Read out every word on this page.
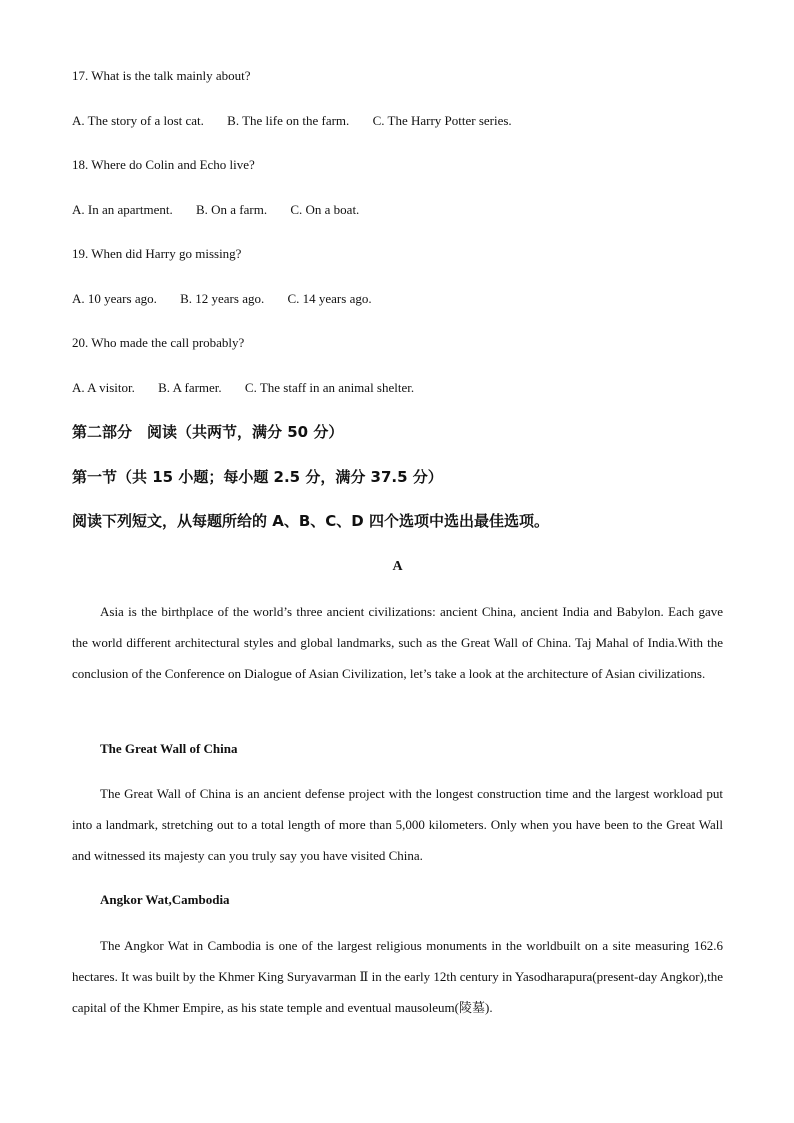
17. What is the talk mainly about?
A. The story of a lost cat. B. The life on the farm. C. The Harry Potter series.
18. Where do Colin and Echo live?
A. In an apartment. B. On a farm. C. On a boat.
19. When did Harry go missing?
A. 10 years ago. B. 12 years ago. C. 14 years ago.
20. Who made the call probably?
A. A visitor. B. A farmer. C. The staff in an animal shelter.
第二部分　阅读（共两节，满分 50 分）
第一节（共 15 小题；每小题 2.5 分，满分 37.5 分）
阅读下列短文，从每题所给的 A、B、C、D 四个选项中选出最佳选项。
A
Asia is the birthplace of the world’s three ancient civilizations: ancient China, ancient India and Babylon. Each gave the world different architectural styles and global landmarks, such as the Great Wall of China. Taj Mahal of India.With the conclusion of the Conference on Dialogue of Asian Civilization, let’s take a look at the architecture of Asian civilizations.
The Great Wall of China
The Great Wall of China is an ancient defense project with the longest construction time and the largest workload put into a landmark, stretching out to a total length of more than 5,000 kilometers. Only when you have been to the Great Wall and witnessed its majesty can you truly say you have visited China.
Angkor Wat,Cambodia
The Angkor Wat in Cambodia is one of the largest religious monuments in the worldbuilt on a site measuring 162.6 hectares. It was built by the Khmer King Suryavarman Ⅱ in the early 12th century in Yasodharapura(present-day Angkor),the capital of the Khmer Empire, as his state temple and eventual mausoleum(陵墓).
